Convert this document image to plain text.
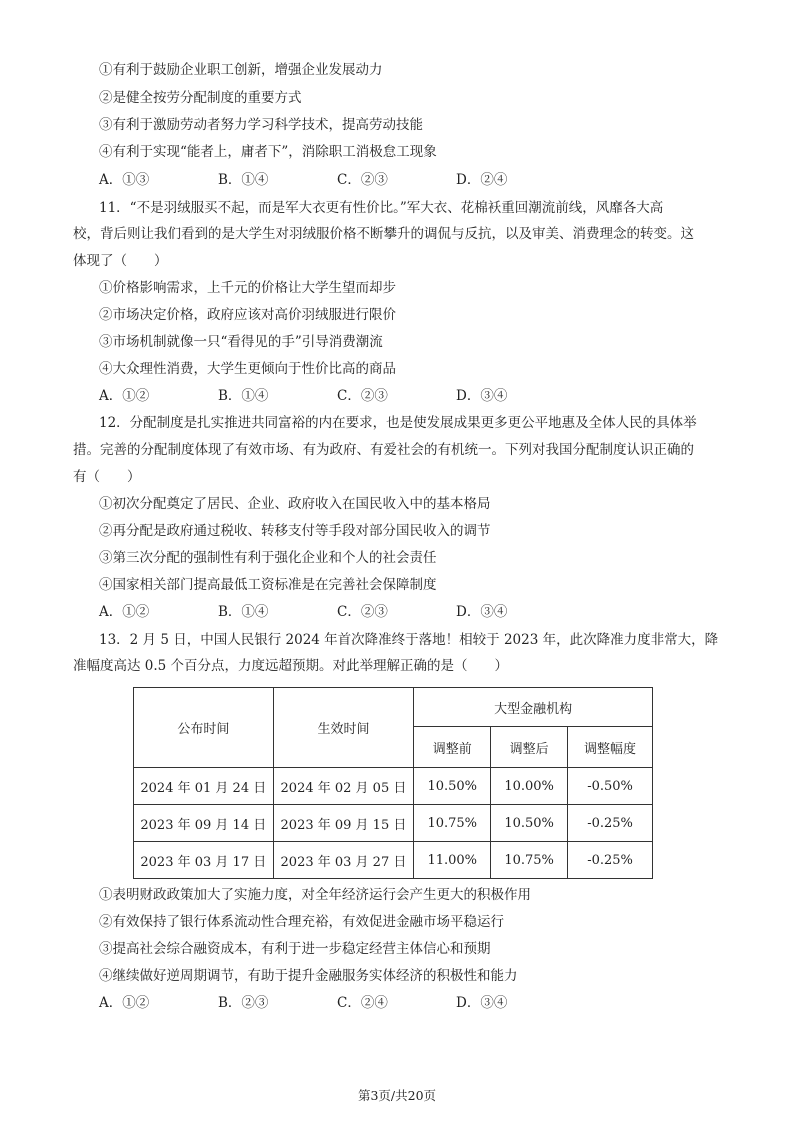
①有利于鼓励企业职工创新，增强企业发展动力
②是健全按劳分配制度的重要方式
③有利于激励劳动者努力学习科学技术，提高劳动技能
④有利于实现“能者上，庸者下”，消除职工消极怠工现象
A．①③	B．①④	C．②③	D．②④
11．“不是羽绒服买不起，而是军大衣更有性价比。”军大衣、花棉袄重回潮流前线，风靡各大高
校，背后则让我们看到的是大学生对羽绒服价格不断攀升的调侃与反抗，以及审美、消费理念的转变。这
体现了（　　）
①价格影响需求，上千元的价格让大学生望而却步
②市场决定价格，政府应该对高价羽绒服进行限价
③市场机制就像一只“看得见的手”引导消费潮流
④大众理性消费，大学生更倾向于性价比高的商品
A．①②	B．①④	C．②③	D．③④
12．分配制度是扎实推进共同富裕的内在要求，也是使发展成果更多更公平地惠及全体人民的具体举
措。完善的分配制度体现了有效市场、有为政府、有爱社会的有机统一。下列对我国分配制度认识正确的
有（　　）
①初次分配奠定了居民、企业、政府收入在国民收入中的基本格局
②再分配是政府通过税收、转移支付等手段对部分国民收入的调节
③第三次分配的强制性有利于强化企业和个人的社会责任
④国家相关部门提高最低工资标准是在完善社会保障制度
A．①②	B．①④	C．②③	D．③④
13．2 月 5 日，中国人民银行 2024 年首次降准终于落地！相较于 2023 年，此次降准力度非常大，降
准幅度高达 0.5 个百分点，力度远超预期。对此举理解正确的是（　　）
公布时间	生效时间	大型金融机构		
		调整前	调整后	调整幅度
2024 年 01 月 24 日	2024 年 02 月 05 日	10.50%	10.00%	-0.50%
2023 年 09 月 14 日	2023 年 09 月 15 日	10.75%	10.50%	-0.25%
2023 年 03 月 17 日	2023 年 03 月 27 日	11.00%	10.75%	-0.25%
①表明财政政策加大了实施力度，对全年经济运行会产生更大的积极作用
②有效保持了银行体系流动性合理充裕，有效促进金融市场平稳运行
③提高社会综合融资成本，有利于进一步稳定经营主体信心和预期
④继续做好逆周期调节，有助于提升金融服务实体经济的积极性和能力
A．①②	B．②③	C．②④	D．③④
第3页/共20页
